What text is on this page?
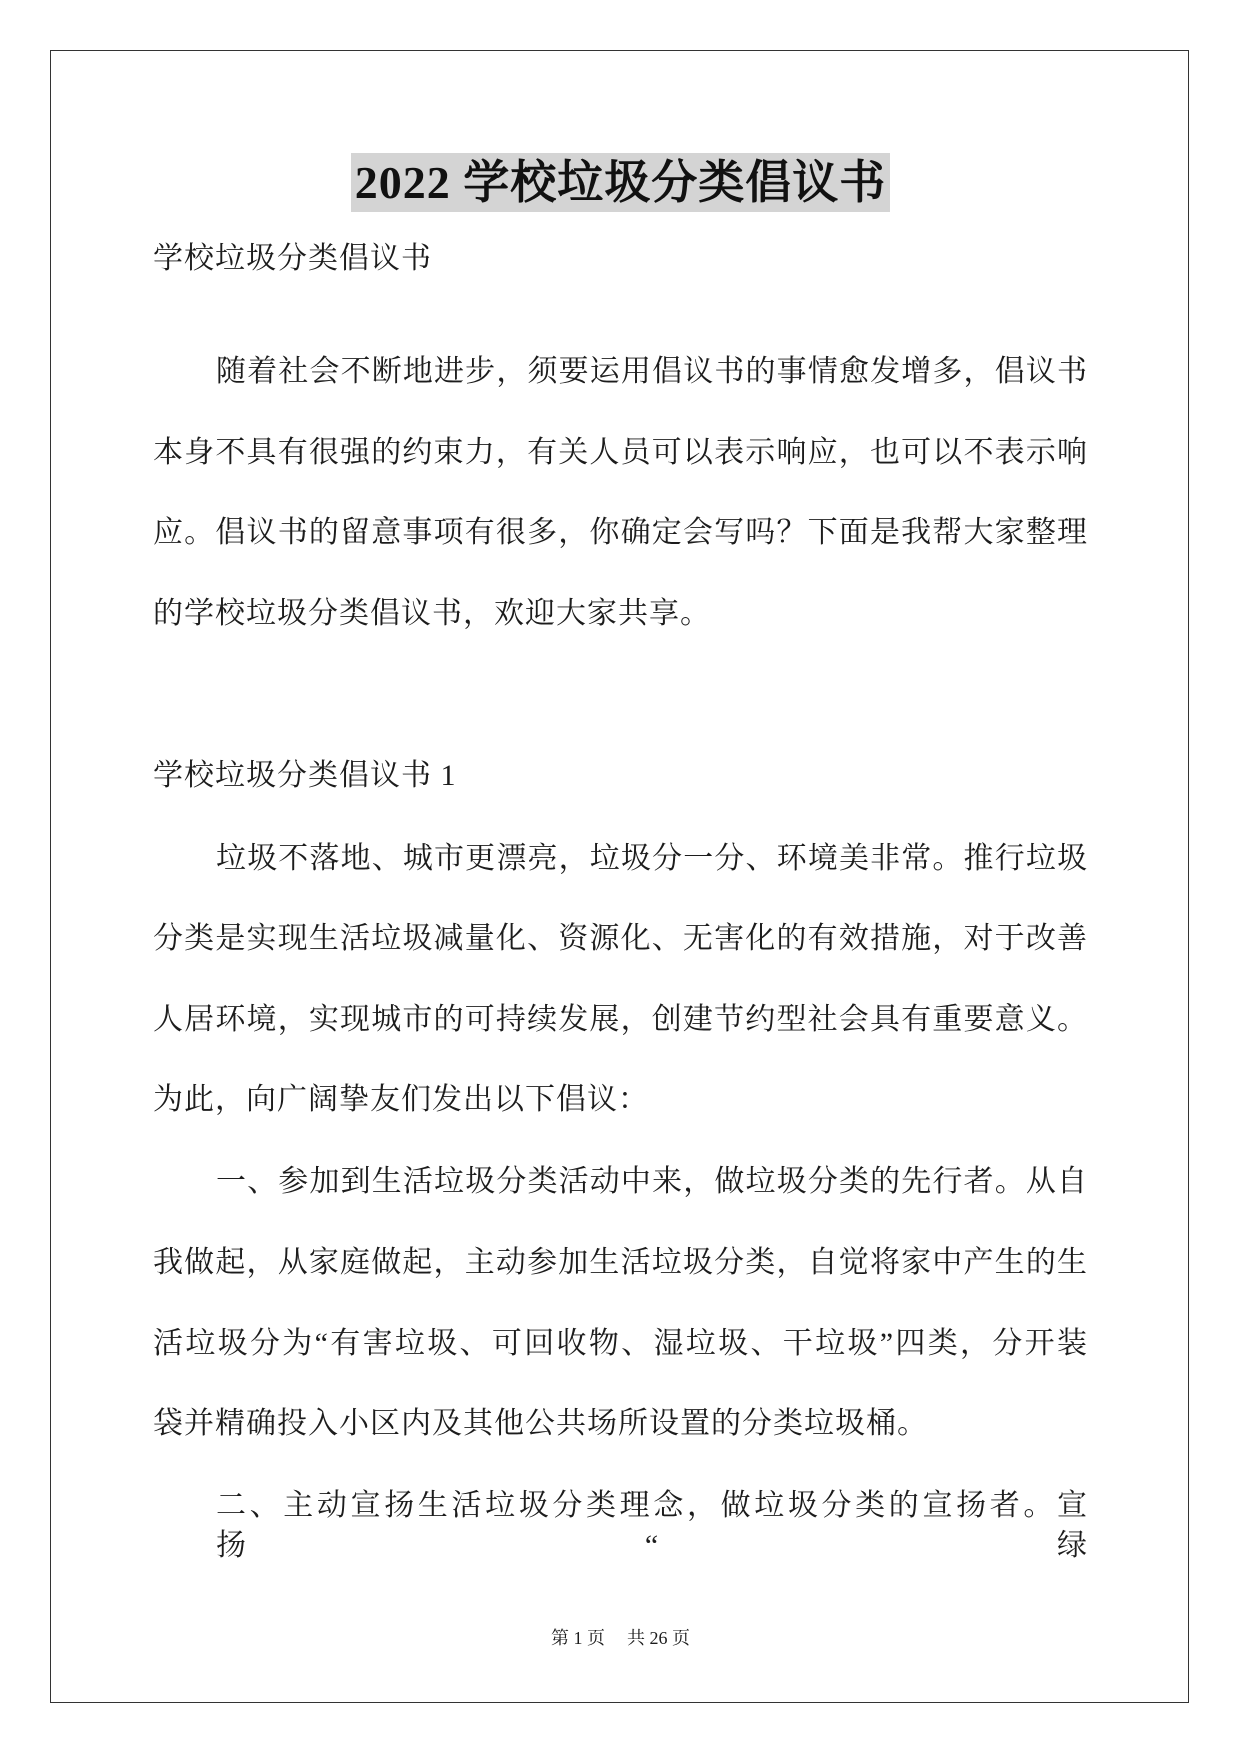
2022 学校垃圾分类倡议书
学校垃圾分类倡议书
随着社会不断地进步，须要运用倡议书的事情愈发增多，倡议书
本身不具有很强的约束力，有关人员可以表示响应，也可以不表示响
应。倡议书的留意事项有很多，你确定会写吗？下面是我帮大家整理
的学校垃圾分类倡议书，欢迎大家共享。
学校垃圾分类倡议书 1
垃圾不落地、城市更漂亮，垃圾分一分、环境美非常。推行垃圾
分类是实现生活垃圾减量化、资源化、无害化的有效措施，对于改善
人居环境，实现城市的可持续发展，创建节约型社会具有重要意义。
为此，向广阔挚友们发出以下倡议：
一、参加到生活垃圾分类活动中来，做垃圾分类的先行者。从自
我做起，从家庭做起，主动参加生活垃圾分类，自觉将家中产生的生
活垃圾分为“有害垃圾、可回收物、湿垃圾、干垃圾”四类，分开装
袋并精确投入小区内及其他公共场所设置的分类垃圾桶。
二、主动宣扬生活垃圾分类理念，做垃圾分类的宣扬者。宣扬“绿
第 1 页 共 26 页
